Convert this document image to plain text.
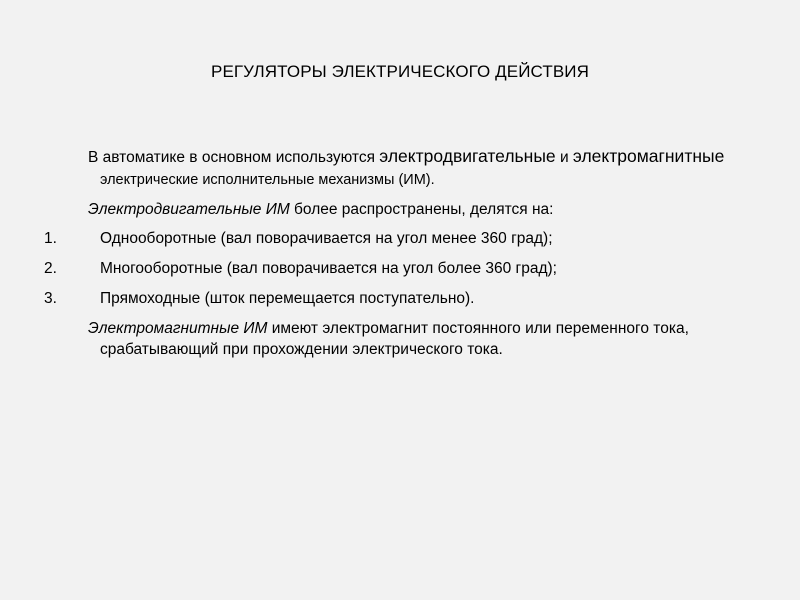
РЕГУЛЯТОРЫ ЭЛЕКТРИЧЕСКОГО ДЕЙСТВИЯ

В автоматике в основном используются электродвигательные и электромагнитные электрические исполнительные механизмы (ИМ).

Электродвигательные ИМ более распространены, делятся на:

1.	Однооборотные (вал поворачивается на угол менее 360 град);
2.	Многооборотные (вал поворачивается на угол более 360 град);
3.	Прямоходные (шток перемещается поступательно).

Электромагнитные ИМ имеют электромагнит постоянного или переменного тока, срабатывающий при прохождении электрического тока.
